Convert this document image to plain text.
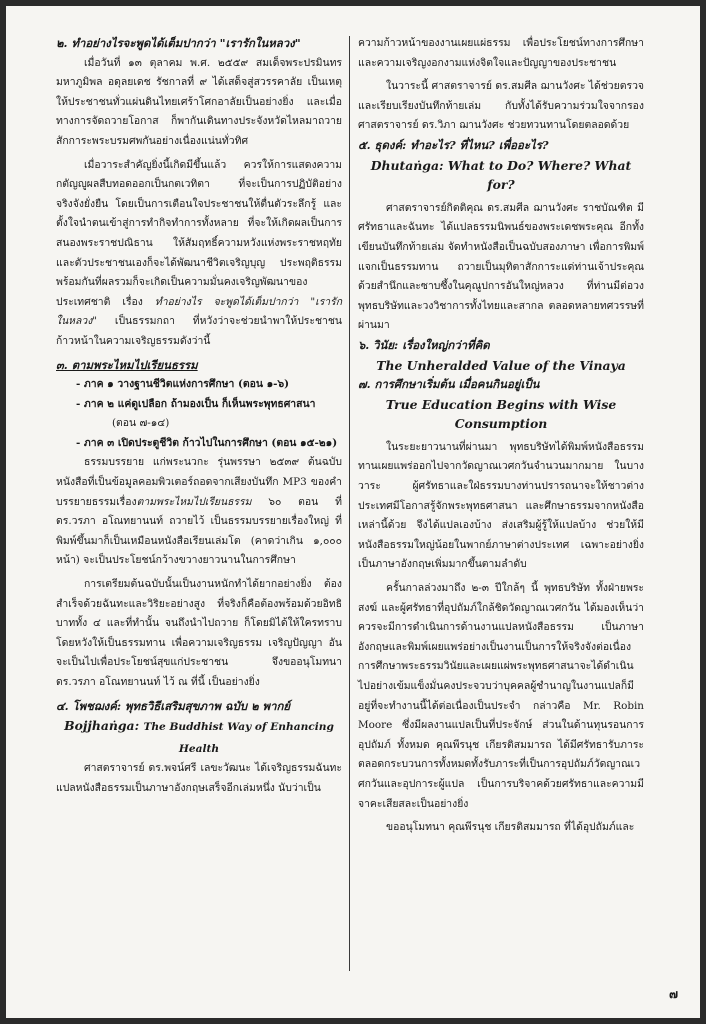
๒. ทำอย่างไรจะพูดได้เต็มปากว่า "เรารักในหลวง"

เมื่อวันที่ ๑๓ ตุลาคม พ.ศ. ๒๕๕๙ สมเด็จพระปรมินทร มหาภูมิพล อดุลยเดช รัชกาลที่ ๙ ได้เสด็จสู่สวรรคาลัย เป็นเหตุให้ประชาชนทั่วแผ่นดินไทยเศร้าโศกอาลัยเป็นอย่างยิ่ง และเมื่อทางการจัดถวายโอกาส ก็พากันเดินทางประจังหวัดไหลมาถวายสักการะพระบรมศพกันอย่างเนื่องแน่นทั่วทิศ

เมื่อวาระสำคัญยิ่งนี้เกิดมีขึ้นแล้ว ควรให้การแสดงความกตัญญูผลสืบทอดออกเป็นกตเวทิตา ที่จะเป็นการปฏิบัติอย่างจริงจังยั่งยืน โดยเป็นการเตือนใจประชาชนให้ตื่นตัวระลึกรู้ และตั้งใจนำตนเข้าสู่การทำกิจทำการทั้งหลาย ที่จะให้เกิดผลเป็นการสนองพระราชปณิธาน ให้สัมฤทธิ์ความหวังแห่งพระราชหฤทัย และตัวประชาชนเองก็จะได้พัฒนาชีวิตเจริญบุญ ประพฤติธรรมพร้อมกันที่ผลรวมก็จะเกิดเป็นความมั่นคงเจริญพัฒนาของประเทศชาติ เรื่อง ทำอย่างไร จะพูดได้เต็มปากว่า "เรารักในหลวง" เป็นธรรมกถา ที่หวังว่าจะช่วยนำพาให้ประชาชนก้าวหน้าในความเจริญธรรมดังว่านี้

๓. ตามพระไหมไปเรียนธรรม

- ภาค ๑ วางฐานชีวิตแห่งการศึกษา (ตอน ๑-๖)

- ภาค ๒ แค่ดูเปลือก ถ้ามองเป็น ก็เห็นพระพุทธศาสนา

(ตอน ๗-๑๔)

- ภาค ๓ เปิดประตูชีวิต ก้าวไปในการศึกษา (ตอน ๑๕-๒๑)

ธรรมบรรยาย แก่พระนวกะ รุ่นพรรษา ๒๕๓๙ ต้นฉบับหนังสือที่เป็นข้อมูลคอมพิวเตอร์ถอดจากเสียงบันทึก MP3 ของคำบรรยายธรรมเรื่องตามพระไหมไปเรียนธรรม ๖๐ ตอน ที่ ดร.วรภา อโณทยานนท์ ถวายไว้ เป็นธรรมบรรยายเรื่องใหญ่ ที่พิมพ์ขึ้นมาก็เป็นเหมือนหนังสือเรียนเล่มโต (คาดว่าเกิน ๑,๐๐๐ หน้า) จะเป็นประโยชน์กว้างขวางยาวนานในการศึกษา

การเตรียมต้นฉบับนั้นเป็นงานหนักทำได้ยากอย่างยิ่ง ต้องสำเร็จด้วยฉันทะและวิริยะอย่างสูง ที่จริงก็คือต้องพร้อมด้วยอิทธิบาททั้ง ๔ และที่ทำนั้น จนถึงนำไปถวาย ก็โดยมิได้ให้ใครทราบ โดยหวังให้เป็นธรรมทาน เพื่อความเจริญธรรม เจริญปัญญา อันจะเป็นไปเพื่อประโยชน์สุขแก่ประชาชน จึงขออนุโมทนา ดร.วรภา อโณทยานนท์ ไว้ ณ ที่นี้ เป็นอย่างยิ่ง

๔. โพชฌงค์: พุทธวิธีเสริมสุขภาพ ฉบับ ๒ พากย์

Bojjhaṅga: The Buddhist Way of Enhancing Health

ศาสตราจารย์ ดร.พจน์ศรี เลขะวัฒนะ ได้เจริญธรรมฉันทะ แปลหนังสือธรรมเป็นภาษาอังกฤษเสร็จอีกเล่มหนึ่ง นับว่าเป็น

ความก้าวหน้าของงานเผยแผ่ธรรม เพื่อประโยชน์ทางการศึกษาและความเจริญงอกงามแห่งจิตใจและปัญญาของประชาชน

ในวาระนี้ ศาสตราจารย์ ดร.สมศีล ฌานวังศะ ได้ช่วยตรวจและเรียบเรียงบันทึกท้ายเล่ม กับทั้งได้รับความร่วมใจจากรองศาสตราจารย์ ดร.วิภา ฌานวังศะ ช่วยทวนทานโดยตลอดด้วย

๕. ธุดงค์: ทำอะไร? ที่ไหน? เพื่ออะไร?

Dhutaṅga: What to Do? Where? What for?

ศาสตราจารย์กิตติคุณ ดร.สมศีล ฌานวังศะ ราชบัณฑิต มีศรัทธาและฉันทะ ได้แปลธรรมนิพนธ์ของพระเดชพระคุณ อีกทั้งเขียนบันทึกท้ายเล่ม จัดทำหนังสือเป็นฉบับสองภาษา เพื่อการพิมพ์แจกเป็นธรรมทาน ถวายเป็นมุทิตาสักการะแด่ท่านเจ้าประคุณ ด้วยสำนึกและซาบซึ้งในคุณูปการอันใหญ่หลวง ที่ท่านมีต่อวงพุทธบริษัทและวงวิชาการทั้งไทยและสากล ตลอดหลายทศวรรษที่ผ่านมา

๖. วินัย: เรื่องใหญ่กว่าที่คิด

The Unheralded Value of the Vinaya

๗. การศึกษาเริ่มต้น เมื่อคนกินอยู่เป็น

True Education Begins with Wise Consumption

ในระยะยาวนานที่ผ่านมา พุทธบริษัทได้พิมพ์หนังสือธรรมทานเผยแพร่ออกไปจากวัดญาณเวศกวันจำนวนมากมาย ในบางวาระ ผู้ศรัทธาและใฝ่ธรรมบางท่านปรารถนาจะให้ชาวต่างประเทศมีโอกาสรู้จักพระพุทธศาสนา และศึกษาธรรมจากหนังสือเหล่านี้ด้วย จึงได้แปลเองบ้าง ส่งเสริมผู้รู้ให้แปลบ้าง ช่วยให้มีหนังสือธรรมใหญ่น้อยในพากย์ภาษาต่างประเทศ เฉพาะอย่างยิ่งเป็นภาษาอังกฤษเพิ่มมากขึ้นตามลำดับ

ครั้นกาลล่วงมาถึง ๒-๓ ปีใกล้ๆ นี้ พุทธบริษัท ทั้งฝ่ายพระสงฆ์ และผู้ศรัทธาที่อุปถัมภ์ใกล้ชิดวัดญาณเวศกวัน ได้มองเห็นว่าควรจะมีการดำเนินการด้านงานแปลหนังสือธรรม เป็นภาษาอังกฤษและพิมพ์เผยแพร่อย่างเป็นงานเป็นการให้จริงจังต่อเนื่อง การศึกษาพระธรรมวินัยและเผยแผ่พระพุทธศาสนาจะได้ดำเนินไปอย่างเข้มแข็งมั่นคงประจวบว่าบุคคลผู้ชำนาญในงานแปลก็มีอยู่ที่จะทำงานนี้ได้ต่อเนื่องเป็นประจำ กล่าวคือ Mr. Robin Moore ซึ่งมีผลงานแปลเป็นที่ประจักษ์ ส่วนในด้านทุนรอนการอุปถัมภ์ ทั้งหมด คุณพีรนุช เกียรติสมมารถ ได้มีศรัทธารับภาระตลอดกระบวนการทั้งหมดทั้งรับภาระที่เป็นการอุปถัมภ์วัดญาณเวศกวันและอุปการะผู้แปล เป็นการบริจาคด้วยศรัทธาและความมีจาคะเสียสละเป็นอย่างยิ่ง

ขออนุโมทนา คุณพีรนุช เกียรติสมมารถ ที่ได้อุปถัมภ์และ

๗
